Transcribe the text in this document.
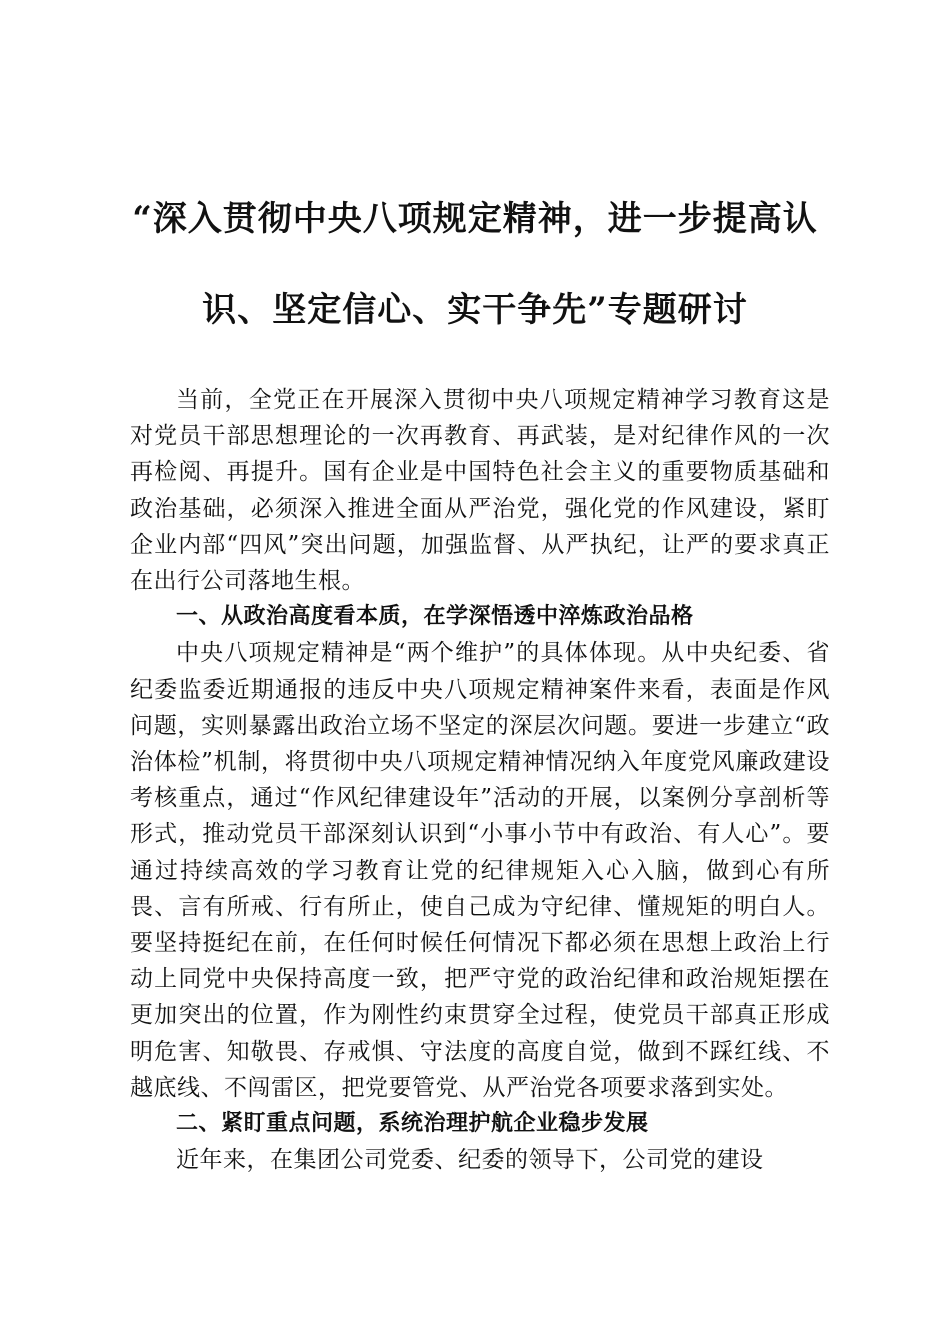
“深入贯彻中央八项规定精神，进一步提高认
识、坚定信心、实干争先”专题研讨

当前，全党正在开展深入贯彻中央八项规定精神学习教育这是对党员干部思想理论的一次再教育、再武装，是对纪律作风的一次再检阅、再提升。国有企业是中国特色社会主义的重要物质基础和政治基础，必须深入推进全面从严治党，强化党的作风建设，紧盯企业内部“四风”突出问题，加强监督、从严执纪，让严的要求真正在出行公司落地生根。

一、从政治高度看本质，在学深悟透中淬炼政治品格

中央八项规定精神是“两个维护”的具体体现。从中央纪委、省纪委监委近期通报的违反中央八项规定精神案件来看，表面是作风问题，实则暴露出政治立场不坚定的深层次问题。要进一步建立“政治体检”机制，将贯彻中央八项规定精神情况纳入年度党风廉政建设考核重点，通过“作风纪律建设年”活动的开展，以案例分享剖析等形式，推动党员干部深刻认识到“小事小节中有政治、有人心”。要通过持续高效的学习教育让党的纪律规矩入心入脑，做到心有所畏、言有所戒、行有所止，使自己成为守纪律、懂规矩的明白人。要坚持挺纪在前，在任何时候任何情况下都必须在思想上政治上行动上同党中央保持高度一致，把严守党的政治纪律和政治规矩摆在更加突出的位置，作为刚性约束贯穿全过程，使党员干部真正形成明危害、知敬畏、存戒惧、守法度的高度自觉，做到不踩红线、不越底线、不闯雷区，把党要管党、从严治党各项要求落到实处。

二、紧盯重点问题，系统治理护航企业稳步发展

近年来，在集团公司党委、纪委的领导下，公司党的建设
